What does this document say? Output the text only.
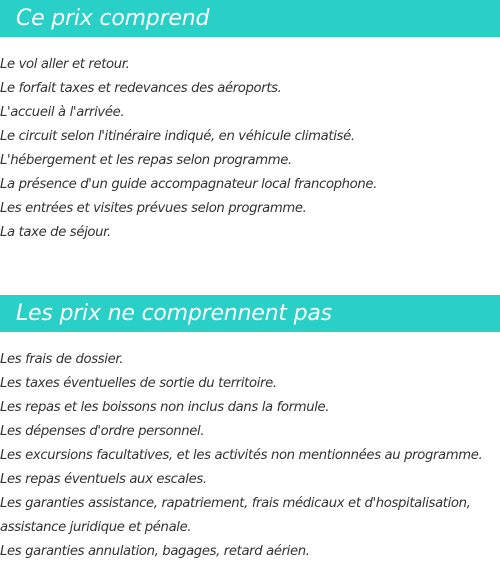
Ce prix comprend
Le vol aller et retour.
Le forfait taxes et redevances des aéroports.
L'accueil à l'arrivée.
Le circuit selon l'itinéraire indiqué, en véhicule climatisé.
L'hébergement et les repas selon programme.
La présence d'un guide accompagnateur local francophone.
Les entrées et visites prévues selon programme.
La taxe de séjour.
Les prix ne comprennent pas
Les frais de dossier.
Les taxes éventuelles de sortie du territoire.
Les repas et les boissons non inclus dans la formule.
Les dépenses d'ordre personnel.
Les excursions facultatives, et les activités non mentionnées au programme.
Les repas éventuels aux escales.
Les garanties assistance, rapatriement, frais médicaux et d'hospitalisation,
assistance juridique et pénale.
Les garanties annulation, bagages, retard aérien.
